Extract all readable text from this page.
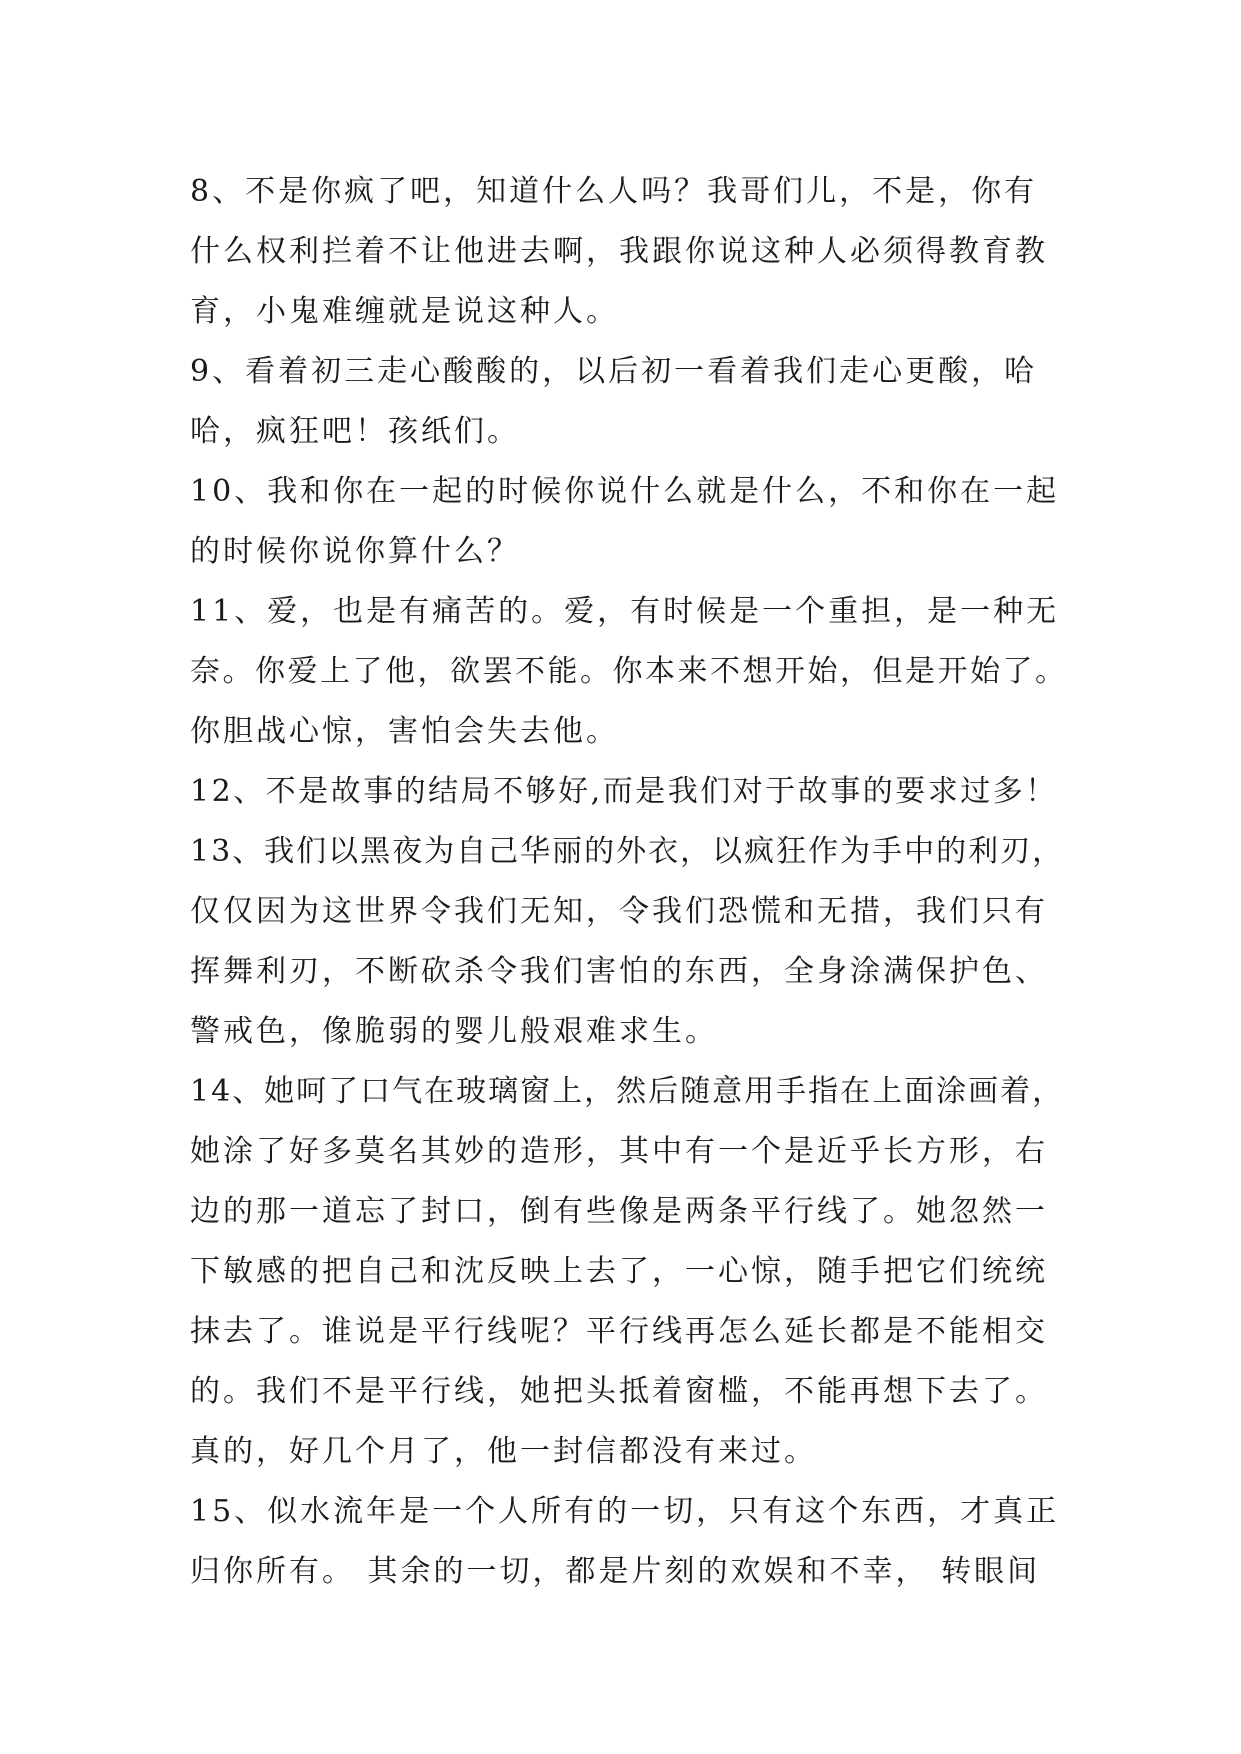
8、不是你疯了吧，知道什么人吗？我哥们儿，不是，你有
什么权利拦着不让他进去啊，我跟你说这种人必须得教育教
育，小鬼难缠就是说这种人。
9、看着初三走心酸酸的，以后初一看着我们走心更酸，哈
哈，疯狂吧！孩纸们。
10、我和你在一起的时候你说什么就是什么，不和你在一起
的时候你说你算什么？
11、爱，也是有痛苦的。爱，有时候是一个重担，是一种无
奈。你爱上了他，欲罢不能。你本来不想开始，但是开始了。
你胆战心惊，害怕会失去他。
12、不是故事的结局不够好,而是我们对于故事的要求过多！
13、我们以黑夜为自己华丽的外衣，以疯狂作为手中的利刃，
仅仅因为这世界令我们无知，令我们恐慌和无措，我们只有
挥舞利刃，不断砍杀令我们害怕的东西，全身涂满保护色、
警戒色，像脆弱的婴儿般艰难求生。
14、她呵了口气在玻璃窗上，然后随意用手指在上面涂画着，
她涂了好多莫名其妙的造形，其中有一个是近乎长方形，右
边的那一道忘了封口，倒有些像是两条平行线了。她忽然一
下敏感的把自己和沈反映上去了，一心惊，随手把它们统统
抹去了。谁说是平行线呢？平行线再怎么延长都是不能相交
的。我们不是平行线，她把头抵着窗槛，不能再想下去了。
真的，好几个月了，他一封信都没有来过。
15、似水流年是一个人所有的一切，只有这个东西，才真正
归你所有。 其余的一切，都是片刻的欢娱和不幸， 转眼间
